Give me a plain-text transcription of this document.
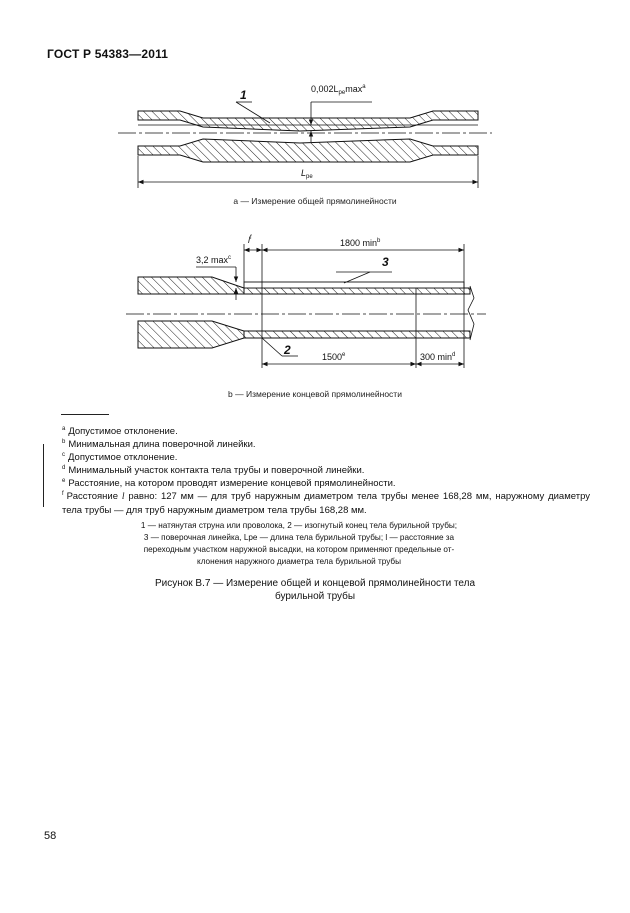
ГОСТ Р 54383—2011
$0,002L_{ре}\max^a$
1
$L_{ре}$
a — Измерение общей прямолинейности
$l^f$	1800 $\min^b$
3,2 $\max^c$	3
2	1500e	300 $\min^d$
b — Измерение концевой прямолинейности
$^a$ Допустимое отклонение.
$^b$ Минимальная длина поверочной линейки.
$^c$ Допустимое отклонение.
$^d$ Минимальный участок контакта тела трубы и поверочной линейки.
$^e$ Расстояние, на котором проводят измерение концевой прямолинейности.
$^f$ Расстояние l равно: 127 мм — для труб наружным диаметром тела трубы менее 168,28 мм, наружному диаметру тела трубы — для труб наружным диаметром тела трубы 168,28 мм.
1 — натянутая струна или проволока, 2 — изогнутый конец тела бурильной трубы;
3 — поверочная линейка, Lре — длина тела бурильной трубы; l — расстояние за
переходным участком наружной высадки, на котором применяют предельные от-
клонения наружного диаметра тела бурильной трубы
Рисунок В.7 — Измерение общей и концевой прямолинейности тела
бурильной трубы
58
